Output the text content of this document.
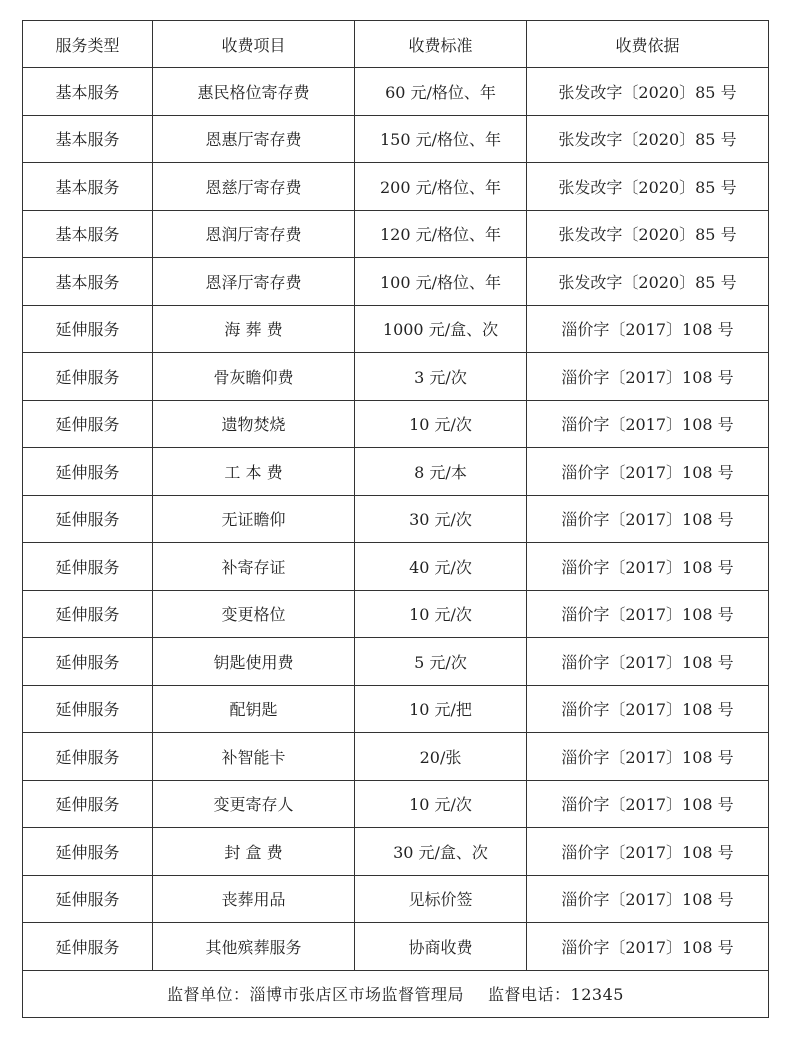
服务类型	收费项目	收费标准	收费依据
基本服务	惠民格位寄存费	60 元/格位、年	张发改字〔2020〕85 号
基本服务	恩惠厅寄存费	150 元/格位、年	张发改字〔2020〕85 号
基本服务	恩慈厅寄存费	200 元/格位、年	张发改字〔2020〕85 号
基本服务	恩润厅寄存费	120 元/格位、年	张发改字〔2020〕85 号
基本服务	恩泽厅寄存费	100 元/格位、年	张发改字〔2020〕85 号
延伸服务	海 葬 费	1000 元/盒、次	淄价字〔2017〕108 号
延伸服务	骨灰瞻仰费	3 元/次	淄价字〔2017〕108 号
延伸服务	遗物焚烧	10 元/次	淄价字〔2017〕108 号
延伸服务	工 本 费	8 元/本	淄价字〔2017〕108 号
延伸服务	无证瞻仰	30 元/次	淄价字〔2017〕108 号
延伸服务	补寄存证	40 元/次	淄价字〔2017〕108 号
延伸服务	变更格位	10 元/次	淄价字〔2017〕108 号
延伸服务	钥匙使用费	5 元/次	淄价字〔2017〕108 号
延伸服务	配钥匙	10 元/把	淄价字〔2017〕108 号
延伸服务	补智能卡	20/张	淄价字〔2017〕108 号
延伸服务	变更寄存人	10 元/次	淄价字〔2017〕108 号
延伸服务	封 盒 费	30 元/盒、次	淄价字〔2017〕108 号
延伸服务	丧葬用品	见标价签	淄价字〔2017〕108 号
延伸服务	其他殡葬服务	协商收费	淄价字〔2017〕108 号
监督单位：淄博市张店区市场监督管理局 监督电话：12345			
